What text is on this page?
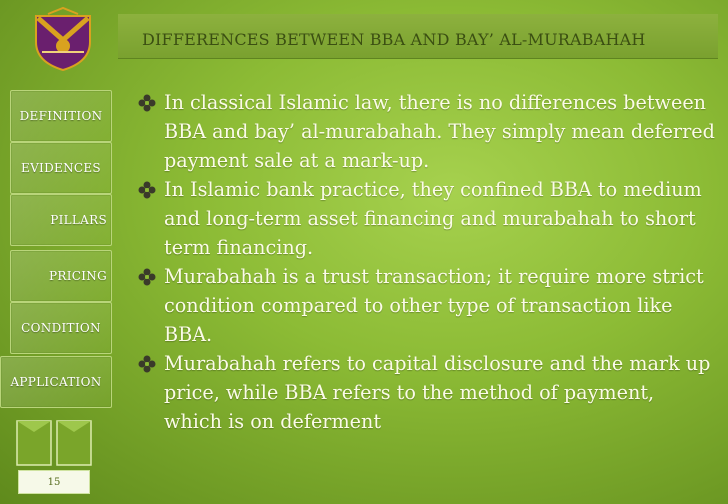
DIFFERENCES BETWEEN BBA AND BAY’ AL-MURABAHAH
DEFINITION
EVIDENCES
PILLARS
PRICING
CONDITION
APPLICATION
15
In classical Islamic law, there is no differences between BBA and bay’ al-murabahah. They simply mean deferred payment sale at a mark-up.
In Islamic bank practice, they confined BBA to medium and long-term asset financing and murabahah to short term financing.
Murabahah is a trust transaction; it require more strict condition compared to other type of transaction like BBA.
Murabahah refers to capital disclosure and the mark up price, while BBA refers to the method of payment, which is on deferment
